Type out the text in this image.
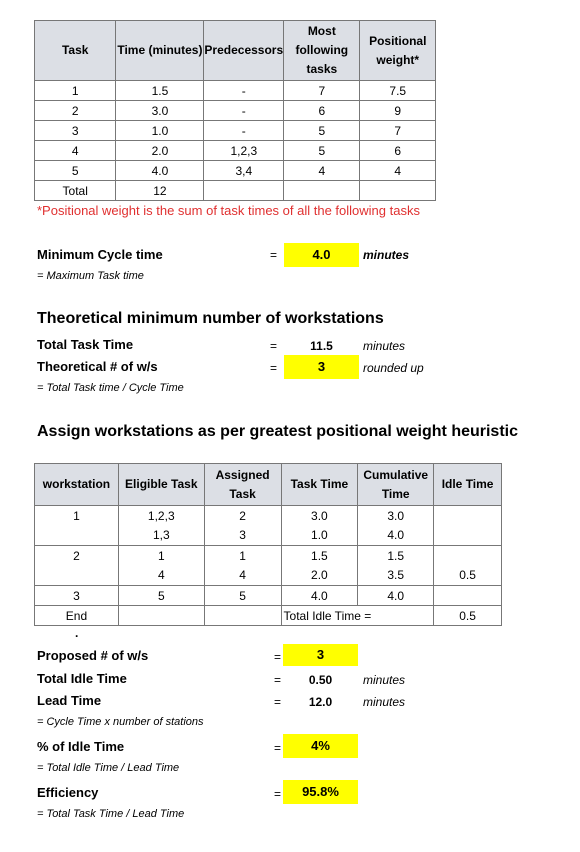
Task	Time (minutes)	Predecessors	Most following tasks	Positional weight*
1	1.5	-	7	7.5
2	3.0	-	6	9
3	1.0	-	5	7
4	2.0	1,2,3	5	6
5	4.0	3,4	4	4
Total	12			
*Positional weight is the sum of task times of all the following tasks
Minimum Cycle time	=	4.0	minutes
= Maximum Task time
Theoretical minimum number of workstations
Total Task Time	=	11.5	minutes
Theoretical # of w/s	=	3	rounded up
= Total Task time / Cycle Time
Assign workstations as per greatest positional weight heuristic
workstation	Eligible Task	Assigned Task	Task Time	Cumulative Time	Idle Time
1	1,2,3	2	3.0	3.0	
	1,3	3	1.0	4.0	
2	1	1	1.5	1.5	
	4	4	2.0	3.5	0.5
3	5	5	4.0	4.0	
End			Total Idle Time =		0.5
.
Proposed # of w/s	=	3
Total Idle Time	=	0.50	minutes
Lead Time	=	12.0	minutes
= Cycle Time x number of stations
% of Idle Time	=	4%
= Total Idle Time / Lead Time
Efficiency	=	95.8%
= Total Task Time / Lead Time
